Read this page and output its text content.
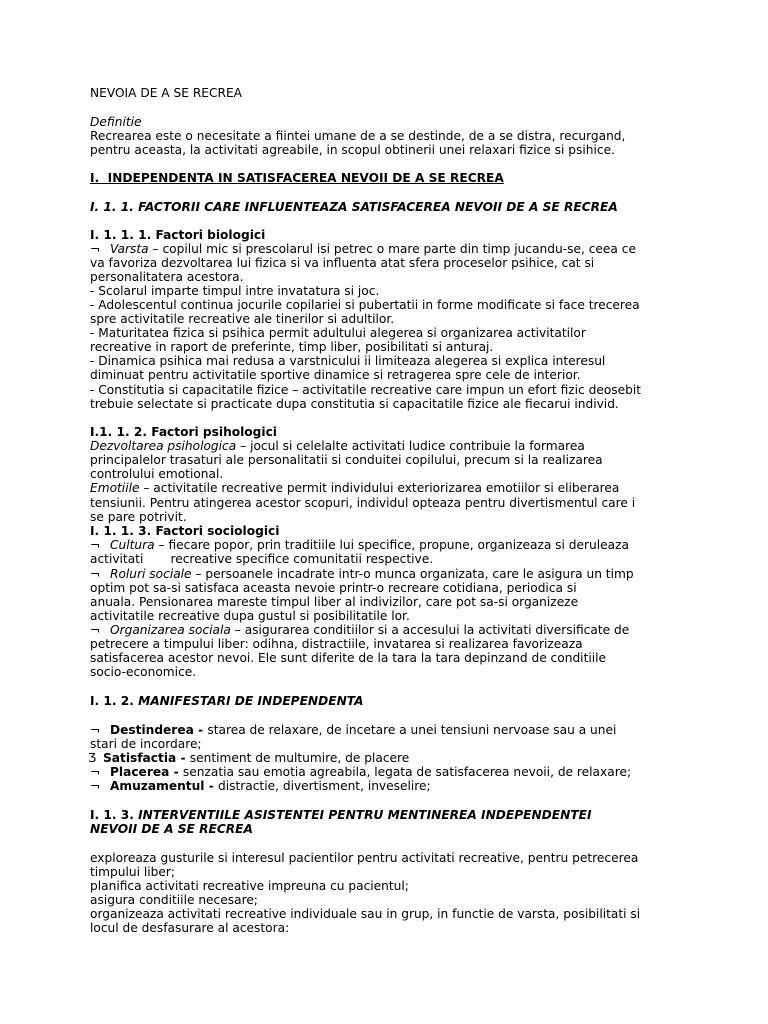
NEVOIA DE A SE RECREA
Definitie
Recrearea este o necesitate a fiintei umane de a se destinde, de a se distra, recurgand,
pentru aceasta, la activitati agreabile, in scopul obtinerii unei relaxari fizice si psihice.
I.  INDEPENDENTA IN SATISFACEREA NEVOII DE A SE RECREA
I. 1. 1. FACTORII CARE INFLUENTEAZA SATISFACEREA NEVOII DE A SE RECREA
I. 1. 1. 1. Factori biologici
¬ Varsta – copilul mic si prescolarul isi petrec o mare parte din timp jucandu-se, ceea ce
va favoriza dezvoltarea lui fizica si va influenta atat sfera proceselor psihice, cat si
personalitatera acestora.
- Scolarul imparte timpul intre invatatura si joc.
- Adolescentul continua jocurile copilariei si pubertatii in forme modificate si face trecerea
spre activitatile recreative ale tinerilor si adultilor.
- Maturitatea fizica si psihica permit adultului alegerea si organizarea activitatilor
recreative in raport de preferinte, timp liber, posibilitati si anturaj.
- Dinamica psihica mai redusa a varstnicului ii limiteaza alegerea si explica interesul
diminuat pentru activitatile sportive dinamice si retragerea spre cele de interior.
- Constitutia si capacitatile fizice – activitatile recreative care impun un efort fizic deosebit
trebuie selectate si practicate dupa constitutia si capacitatile fizice ale fiecarui individ.
I.1. 1. 2. Factori psihologici
Dezvoltarea psihologica – jocul si celelalte activitati ludice contribuie la formarea
principalelor trasaturi ale personalitatii si conduitei copilului, precum si la realizarea
controlului emotional.
Emotiile – activitatile recreative permit individului exteriorizarea emotiilor si eliberarea
tensiunii. Pentru atingerea acestor scopuri, individul opteaza pentru divertismentul care i
se pare potrivit.
I. 1. 1. 3. Factori sociologici
¬ Cultura – fiecare popor, prin traditiile lui specifice, propune, organizeaza si deruleaza
activitati       recreative specifice comunitatii respective.
¬ Roluri sociale – persoanele incadrate intr-o munca organizata, care le asigura un timp
optim pot sa-si satisfaca aceasta nevoie printr-o recreare cotidiana, periodica si
anuala. Pensionarea mareste timpul liber al indivizilor, care pot sa-si organizeze
activitatile recreative dupa gustul si posibilitatile lor.
¬ Organizarea sociala – asigurarea conditiilor si a accesului la activitati diversificate de
petrecere a timpului liber: odihna, distractiile, invatarea si realizarea favorizeaza
satisfacerea acestor nevoi. Ele sunt diferite de la tara la tara depinzand de conditiile
socio-economice.
I. 1. 2. MANIFESTARI DE INDEPENDENTA
¬ Destinderea - starea de relaxare, de incetare a unei tensiuni nervoase sau a unei
stari de incordare;
Ʒ Satisfactia - sentiment de multumire, de placere
¬ Placerea - senzatia sau emotia agreabila, legata de satisfacerea nevoii, de relaxare;
¬ Amuzamentul - distractie, divertisment, inveselire;
I. 1. 3. INTERVENTIILE ASISTENTEI PENTRU MENTINEREA INDEPENDENTEI
NEVOII DE A SE RECREA
exploreaza gusturile si interesul pacientilor pentru activitati recreative, pentru petrecerea
timpului liber;
planifica activitati recreative impreuna cu pacientul;
asigura conditiile necesare;
organizeaza activitati recreative individuale sau in grup, in functie de varsta, posibilitati si
locul de desfasurare al acestora:
